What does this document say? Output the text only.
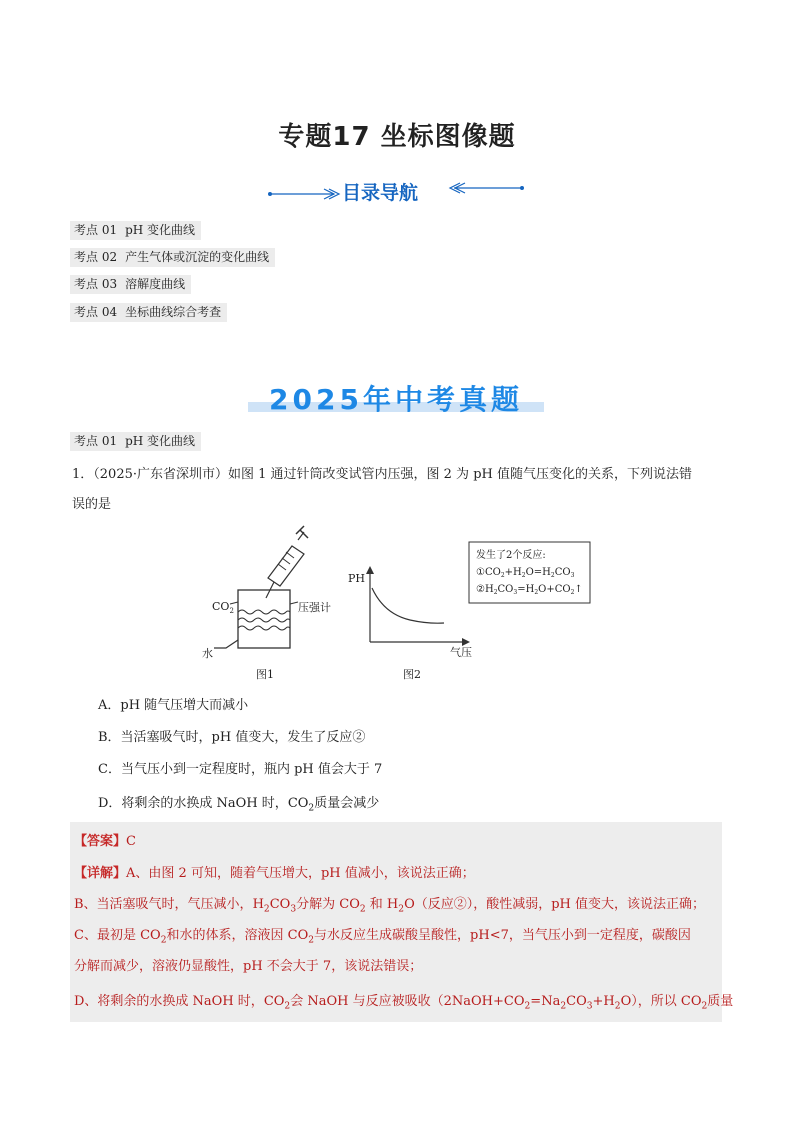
专题17 坐标图像题
目录导航
考点 01 pH 变化曲线
考点 02 产生气体或沉淀的变化曲线
考点 03 溶解度曲线
考点 04 坐标曲线综合考查
2025年中考真题
考点 01 pH 变化曲线
1．（2025·广东省深圳市）如图 1 通过针筒改变试管内压强，图 2 为 pH 值随气压变化的关系，下列说法错
误的是
$CO_2$	压强计
水
图1
PH
气压
图2
发生了2个反应:
$①CO_2+H_2O=H_2CO_3$
$②H_2CO_3=H_2O+CO_2↑$
A．pH 随气压增大而减小
B．当活塞吸气时，pH 值变大，发生了反应②
C．当气压小到一定程度时，瓶内 pH 值会大于 7
D．将剩余的水换成 NaOH 时，$CO_2$质量会减少
【答案】C
【详解】A、由图 2 可知，随着气压增大，pH 值减小，该说法正确；
B、当活塞吸气时，气压减小，$H_2CO_3$分解为 $CO_2$ 和 $H_2O$（反应②），酸性减弱，pH 值变大，该说法正确；
C、最初是 $CO_2$和水的体系，溶液因 $CO_2$与水反应生成碳酸呈酸性，pH<7，当气压小到一定程度，碳酸因
分解而减少，溶液仍显酸性，pH 不会大于 7，该说法错误；
D、将剩余的水换成 NaOH 时，$CO_2$会 NaOH 与反应被吸收$(2NaOH+CO_2=Na_2CO_3+H_2O)$，所以 $CO_2$质量
